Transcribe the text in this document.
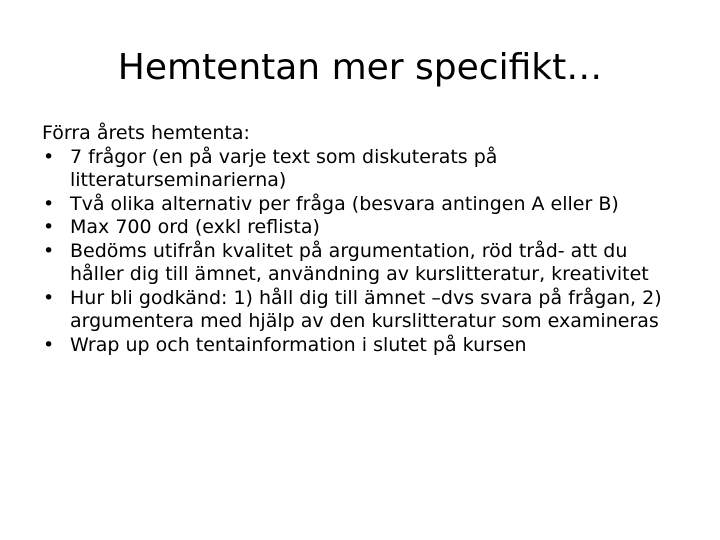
Hemtentan mer specifikt…

Förra årets hemtenta:

• 7 frågor (en på varje text som diskuterats på litteraturseminarierna)
• Två olika alternativ per fråga (besvara antingen A eller B)
• Max 700 ord (exkl reflista)
• Bedöms utifrån kvalitet på argumentation, röd tråd- att du håller dig till ämnet, användning av kurslitteratur, kreativitet
• Hur bli godkänd: 1) håll dig till ämnet –dvs svara på frågan, 2) argumentera med hjälp av den kurslitteratur som examineras
• Wrap up och tentainformation i slutet på kursen
